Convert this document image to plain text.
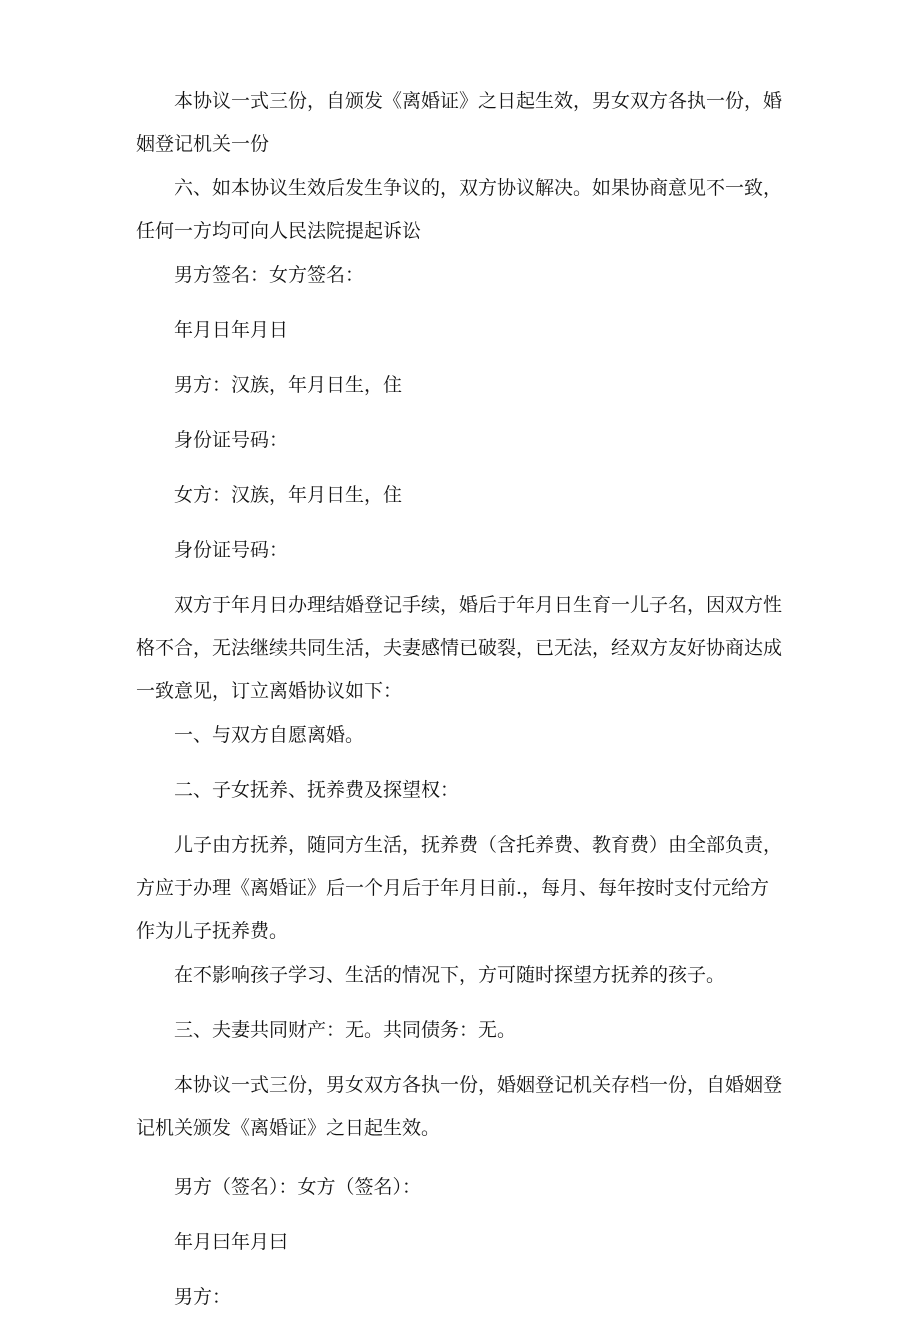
本协议一式三份，自颁发《离婚证》之日起生效，男女双方各执一份，婚姻登记机关一份

六、如本协议生效后发生争议的，双方协议解决。如果协商意见不一致，任何一方均可向人民法院提起诉讼

男方签名：女方签名：

年月日年月日

男方：汉族，年月日生，住

身份证号码：

女方：汉族，年月日生，住

身份证号码：

双方于年月日办理结婚登记手续，婚后于年月日生育一儿子名，因双方性格不合，无法继续共同生活，夫妻感情已破裂，已无法，经双方友好协商达成一致意见，订立离婚协议如下：

一、与双方自愿离婚。

二、子女抚养、抚养费及探望权：

儿子由方抚养，随同方生活，抚养费（含托养费、教育费）由全部负责，方应于办理《离婚证》后一个月后于年月日前.，每月、每年按时支付元给方作为儿子抚养费。

在不影响孩子学习、生活的情况下，方可随时探望方抚养的孩子。

三、夫妻共同财产：无。共同债务：无。

本协议一式三份，男女双方各执一份，婚姻登记机关存档一份，自婚姻登记机关颁发《离婚证》之日起生效。

男方（签名）：女方（签名）：

年月曰年月曰

男方：
